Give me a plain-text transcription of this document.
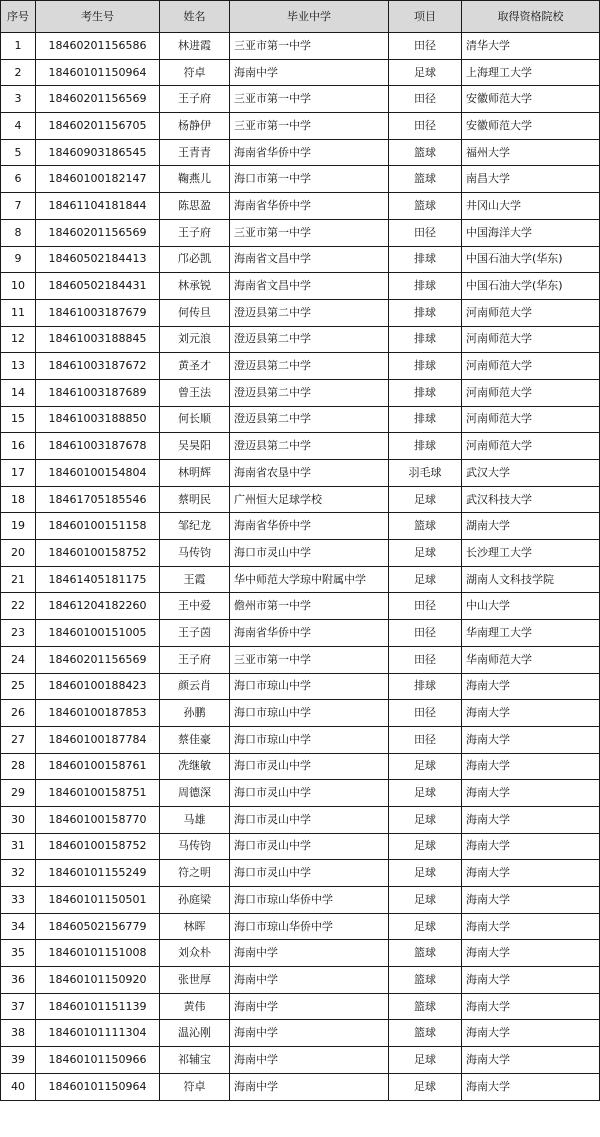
序号	考生号	姓名	毕业中学	项目	取得资格院校
1	18460201156586	林进霞	三亚市第一中学	田径	清华大学
2	18460101150964	符卓	海南中学	足球	上海理工大学
3	18460201156569	王子府	三亚市第一中学	田径	安徽师范大学
4	18460201156705	杨静伊	三亚市第一中学	田径	安徽师范大学
5	18460903186545	王青青	海南省华侨中学	篮球	福州大学
6	18460100182147	鞠燕儿	海口市第一中学	篮球	南昌大学
7	18461104181844	陈思盈	海南省华侨中学	篮球	井冈山大学
8	18460201156569	王子府	三亚市第一中学	田径	中国海洋大学
9	18460502184413	邝必凯	海南省文昌中学	排球	中国石油大学(华东)
10	18460502184431	林承锐	海南省文昌中学	排球	中国石油大学(华东)
11	18461003187679	何传旦	澄迈县第二中学	排球	河南师范大学
12	18461003188845	刘元浪	澄迈县第二中学	排球	河南师范大学
13	18461003187672	黄圣才	澄迈县第二中学	排球	河南师范大学
14	18461003187689	曾王法	澄迈县第二中学	排球	河南师范大学
15	18461003188850	何长顺	澄迈县第二中学	排球	河南师范大学
16	18461003187678	吴昊阳	澄迈县第二中学	排球	河南师范大学
17	18460100154804	林明辉	海南省农垦中学	羽毛球	武汉大学
18	18461705185546	蔡明民	广州恒大足球学校	足球	武汉科技大学
19	18460100151158	邹纪龙	海南省华侨中学	篮球	湖南大学
20	18460100158752	马传钧	海口市灵山中学	足球	长沙理工大学
21	18461405181175	王霞	华中师范大学琼中附属中学	足球	湖南人文科技学院
22	18461204182260	王中爱	儋州市第一中学	田径	中山大学
23	18460100151005	王子茵	海南省华侨中学	田径	华南理工大学
24	18460201156569	王子府	三亚市第一中学	田径	华南师范大学
25	18460100188423	颜云肖	海口市琼山中学	排球	海南大学
26	18460100187853	孙鹏	海口市琼山中学	田径	海南大学
27	18460100187784	蔡佳豪	海口市琼山中学	田径	海南大学
28	18460100158761	冼继敏	海口市灵山中学	足球	海南大学
29	18460100158751	周德深	海口市灵山中学	足球	海南大学
30	18460100158770	马雄	海口市灵山中学	足球	海南大学
31	18460100158752	马传钧	海口市灵山中学	足球	海南大学
32	18460101155249	符之明	海口市灵山中学	足球	海南大学
33	18460101150501	孙庭梁	海口市琼山华侨中学	足球	海南大学
34	18460502156779	林晖	海口市琼山华侨中学	足球	海南大学
35	18460101151008	刘众朴	海南中学	篮球	海南大学
36	18460101150920	张世厚	海南中学	篮球	海南大学
37	18460101151139	黄伟	海南中学	篮球	海南大学
38	18460101111304	温沁刚	海南中学	篮球	海南大学
39	18460101150966	祁辅宝	海南中学	足球	海南大学
40	18460101150964	符卓	海南中学	足球	海南大学
